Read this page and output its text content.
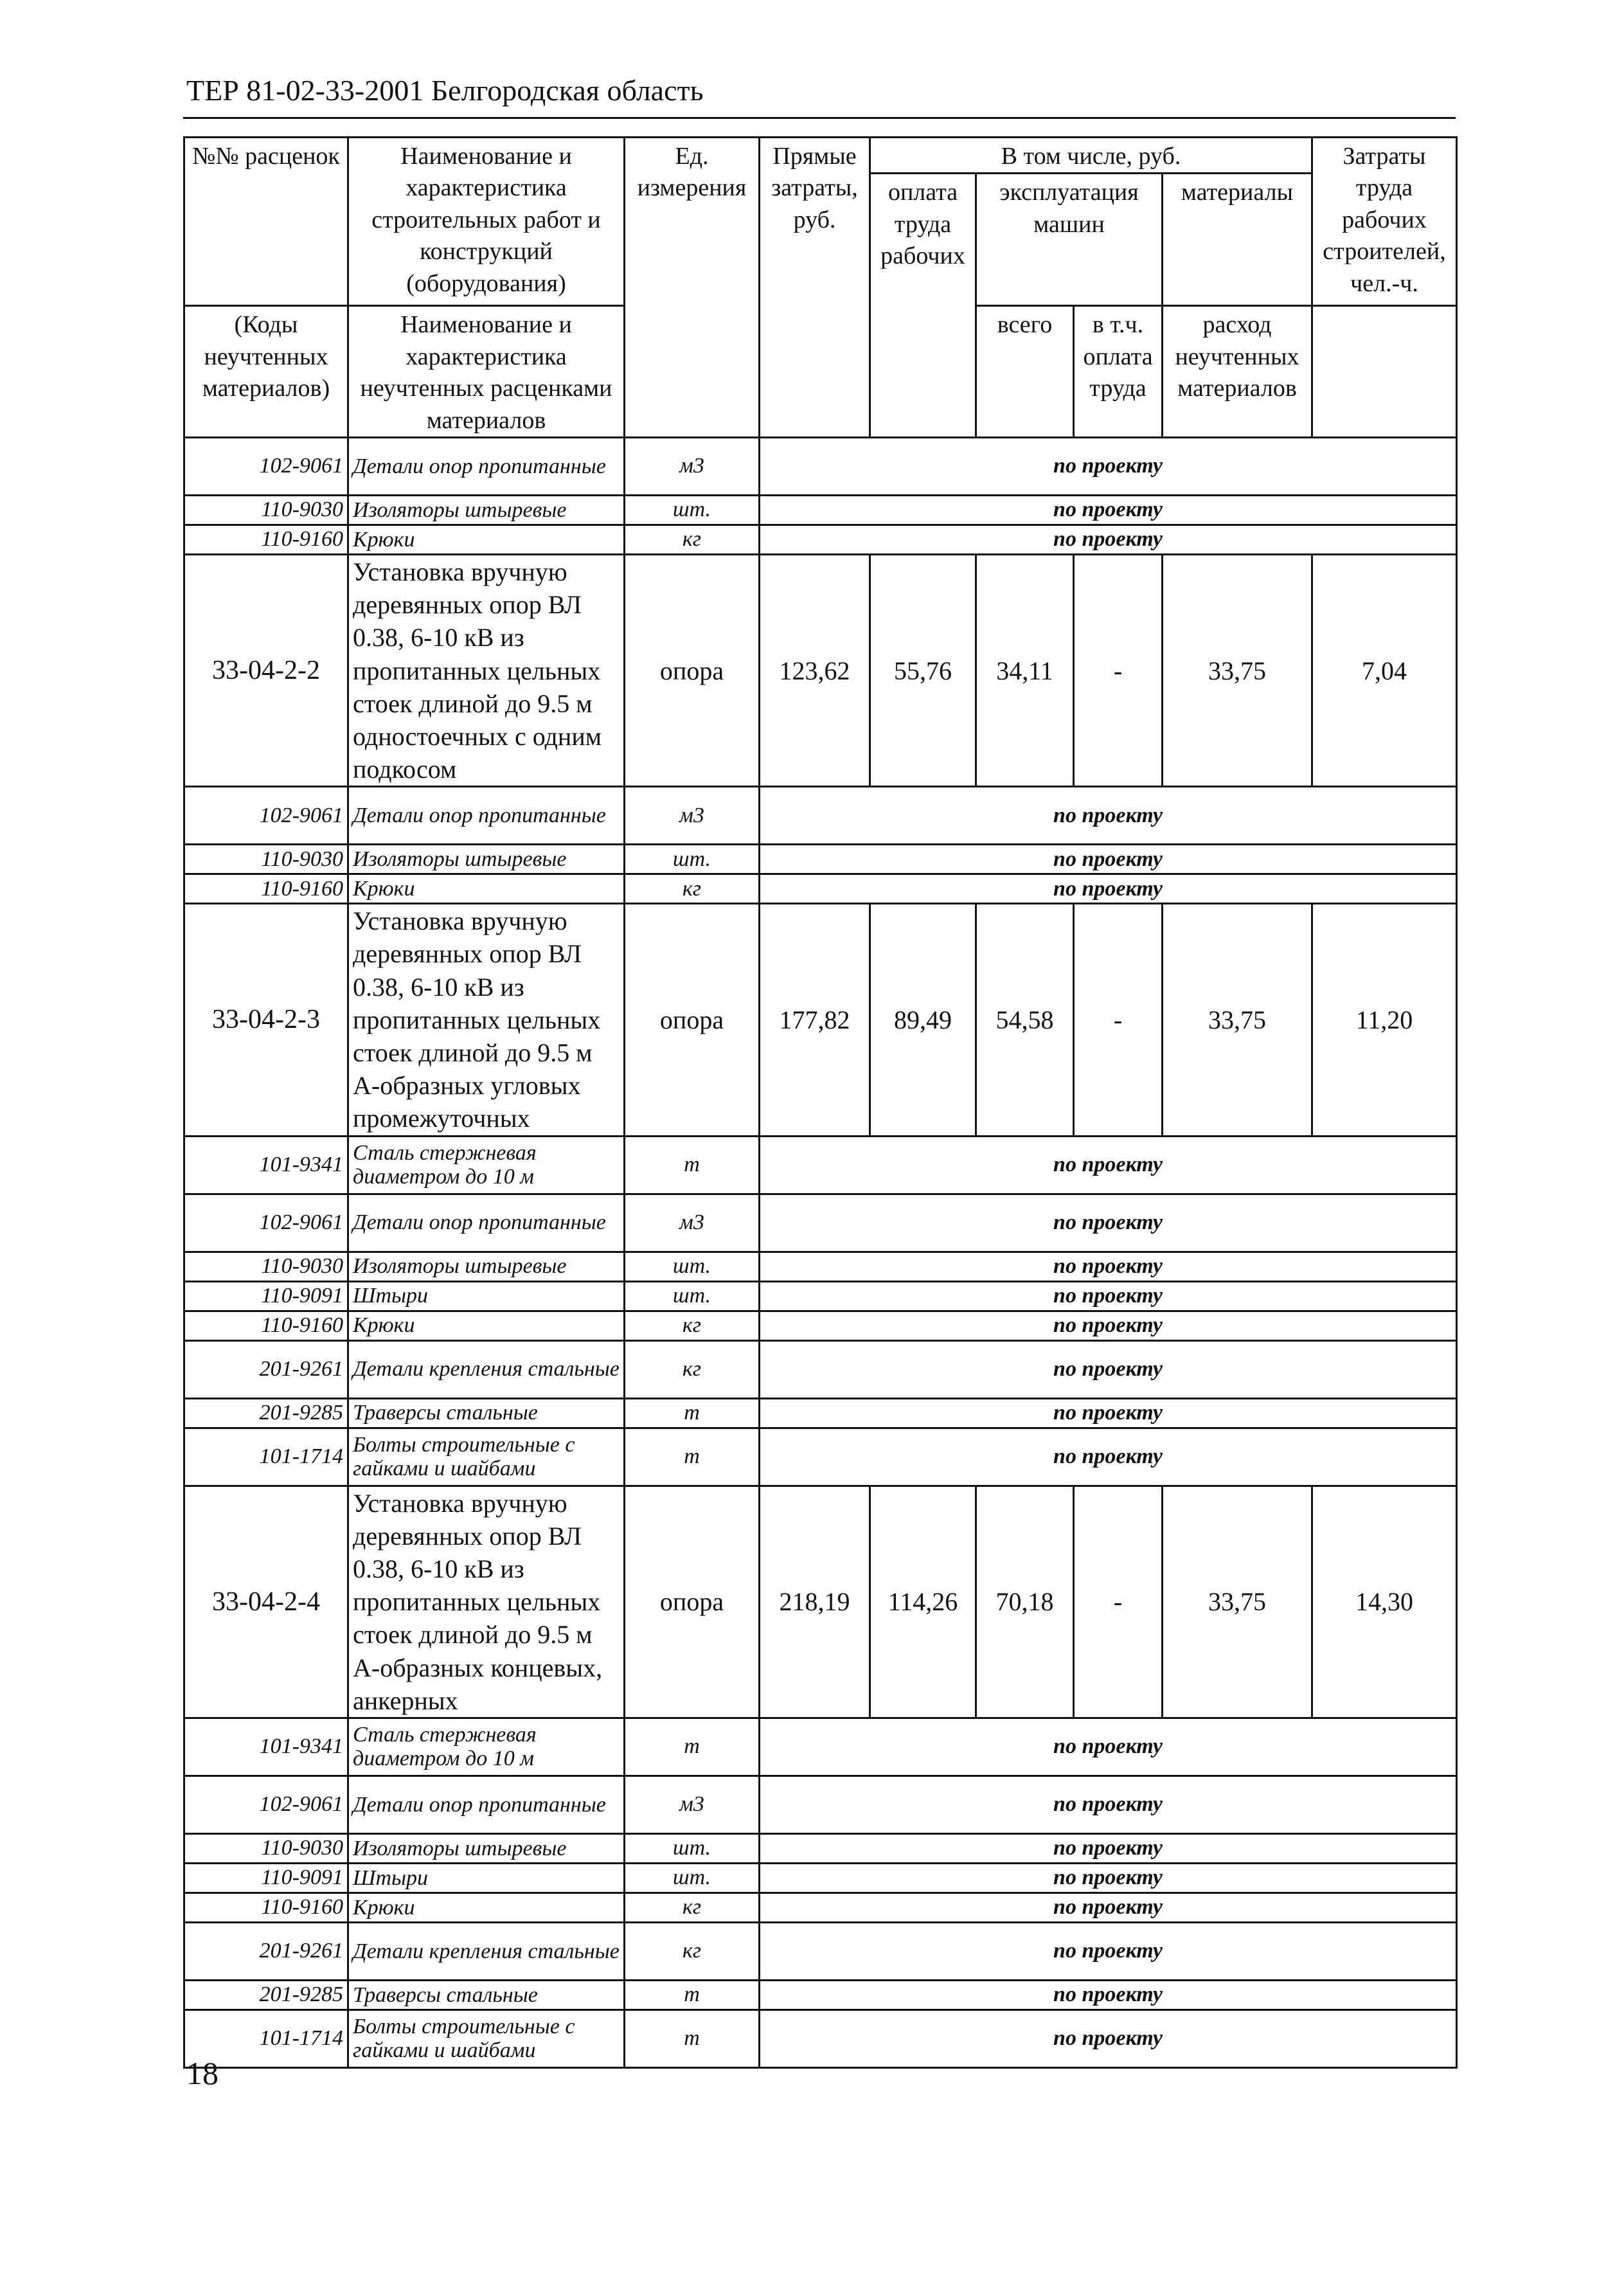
ТЕР 81-02-33-2001 Белгородская область
№№ расценок	Наименование и характеристика строительных работ и конструкций (оборудования)	Ед. измерения	Прямые затраты, руб.	В том числе, руб.				Затраты труда рабочих строителей, чел.-ч.
				оплата труда рабочих	эксплуатация машин		материалы	

(Коды неучтенных материалов)	Наименование и характеристика неучтенных расценками материалов				всего	в т.ч. оплата труда	расход неучтенных материалов	

102-9061	Детали опор пропитанные	м3	по проекту					
110-9030	Изоляторы штыревые	шт.	по проекту					
110-9160	Крюки	кг	по проекту					
33-04-2-2	Установка вручную деревянных опор ВЛ 0.38, 6-10 кВ из пропитанных цельных стоек длиной до 9.5 м одностоечных с одним подкосом	опора	123,62	55,76	34,11	-	33,75	7,04
102-9061	Детали опор пропитанные	м3	по проекту					
110-9030	Изоляторы штыревые	шт.	по проекту					
110-9160	Крюки	кг	по проекту					
33-04-2-3	Установка вручную деревянных опор ВЛ 0.38, 6-10 кВ из пропитанных цельных стоек длиной до 9.5 м А-образных угловых промежуточных	опора	177,82	89,49	54,58	-	33,75	11,20
101-9341	Сталь стержневая диаметром до 10 м	т	по проекту					
102-9061	Детали опор пропитанные	м3	по проекту					
110-9030	Изоляторы штыревые	шт.	по проекту					
110-9091	Штыри	шт.	по проекту					
110-9160	Крюки	кг	по проекту					
201-9261	Детали крепления стальные	кг	по проекту					
201-9285	Траверсы стальные	т	по проекту					
101-1714	Болты строительные с гайками и шайбами	т	по проекту					
33-04-2-4	Установка вручную деревянных опор ВЛ 0.38, 6-10 кВ из пропитанных цельных стоек длиной до 9.5 м А-образных концевых, анкерных	опора	218,19	114,26	70,18	-	33,75	14,30
101-9341	Сталь стержневая диаметром до 10 м	т	по проекту					
102-9061	Детали опор пропитанные	м3	по проекту					
110-9030	Изоляторы штыревые	шт.	по проекту					
110-9091	Штыри	шт.	по проекту					
110-9160	Крюки	кг	по проекту					
201-9261	Детали крепления стальные	кг	по проекту					
201-9285	Траверсы стальные	т	по проекту					
101-1714	Болты строительные с гайками и шайбами	т	по проекту					
18
